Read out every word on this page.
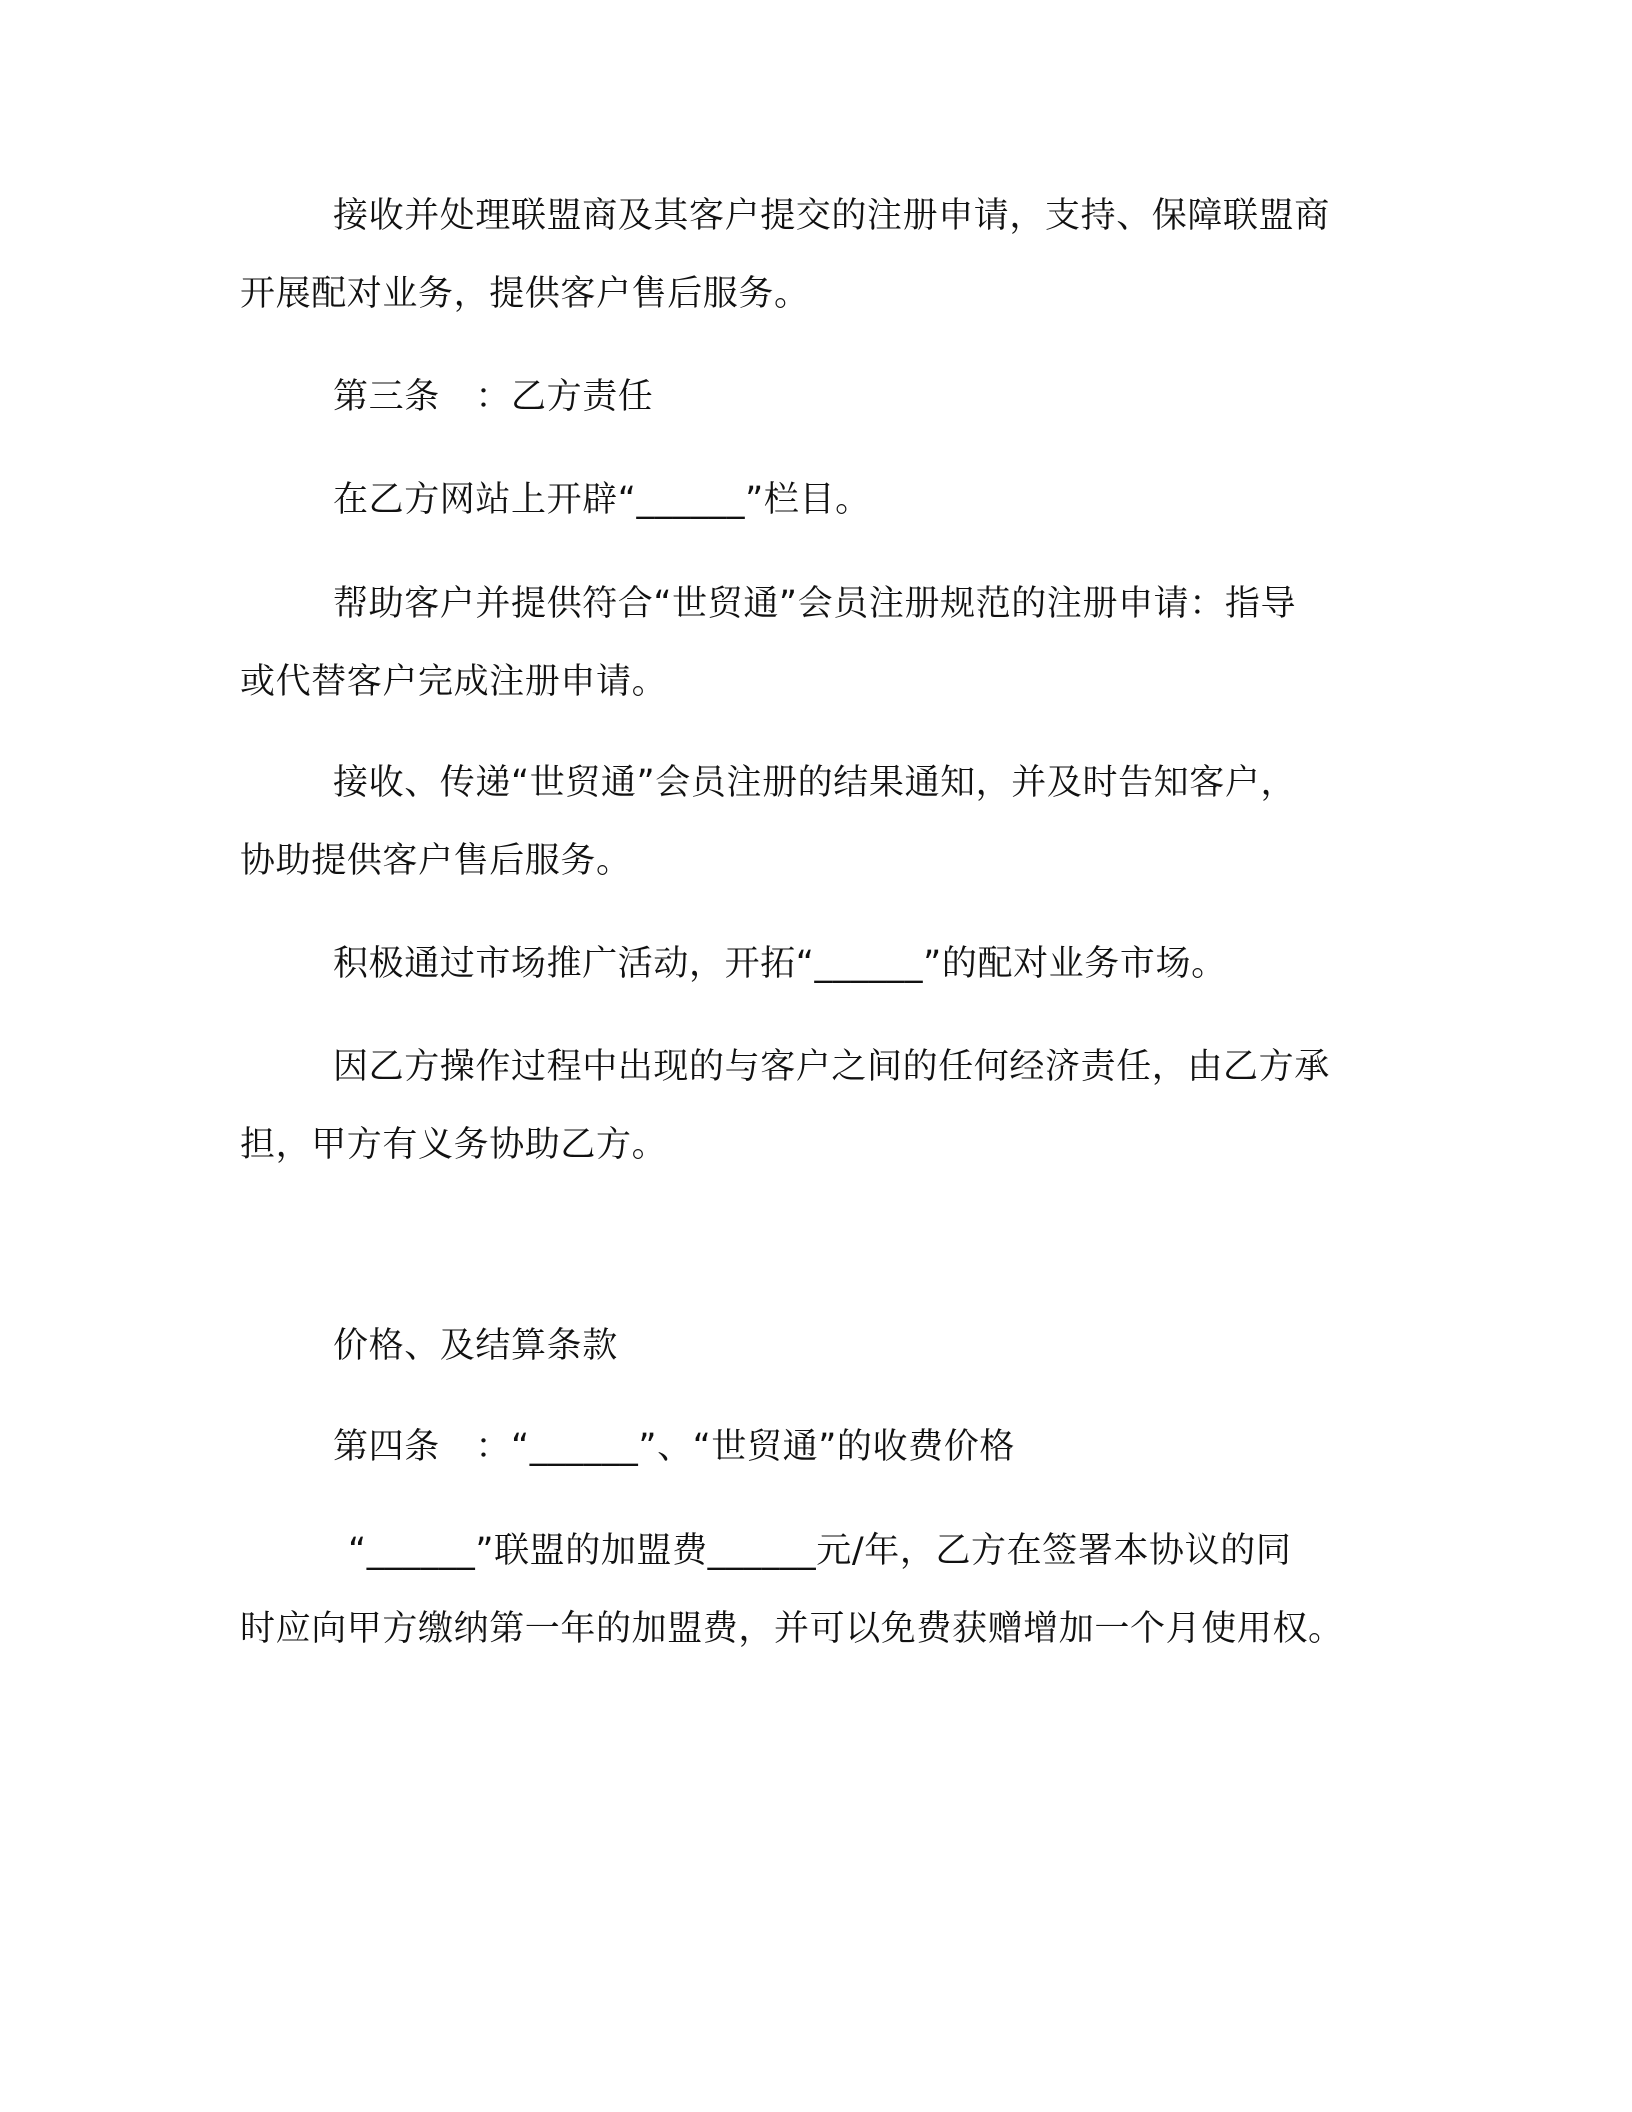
接收并处理联盟商及其客户提交的注册申请，支持、保障联盟商
开展配对业务，提供客户售后服务。
第三条　：乙方责任
在乙方网站上开辟“______”栏目。
帮助客户并提供符合“世贸通”会员注册规范的注册申请：指导
或代替客户完成注册申请。
接收、传递“世贸通”会员注册的结果通知，并及时告知客户，
协助提供客户售后服务。
积极通过市场推广活动，开拓“______”的配对业务市场。
因乙方操作过程中出现的与客户之间的任何经济责任，由乙方承
担，甲方有义务协助乙方。
价格、及结算条款
第四条　：“______”、“世贸通”的收费价格
“______”联盟的加盟费______元/年，乙方在签署本协议的同
时应向甲方缴纳第一年的加盟费，并可以免费获赠增加一个月使用权。
